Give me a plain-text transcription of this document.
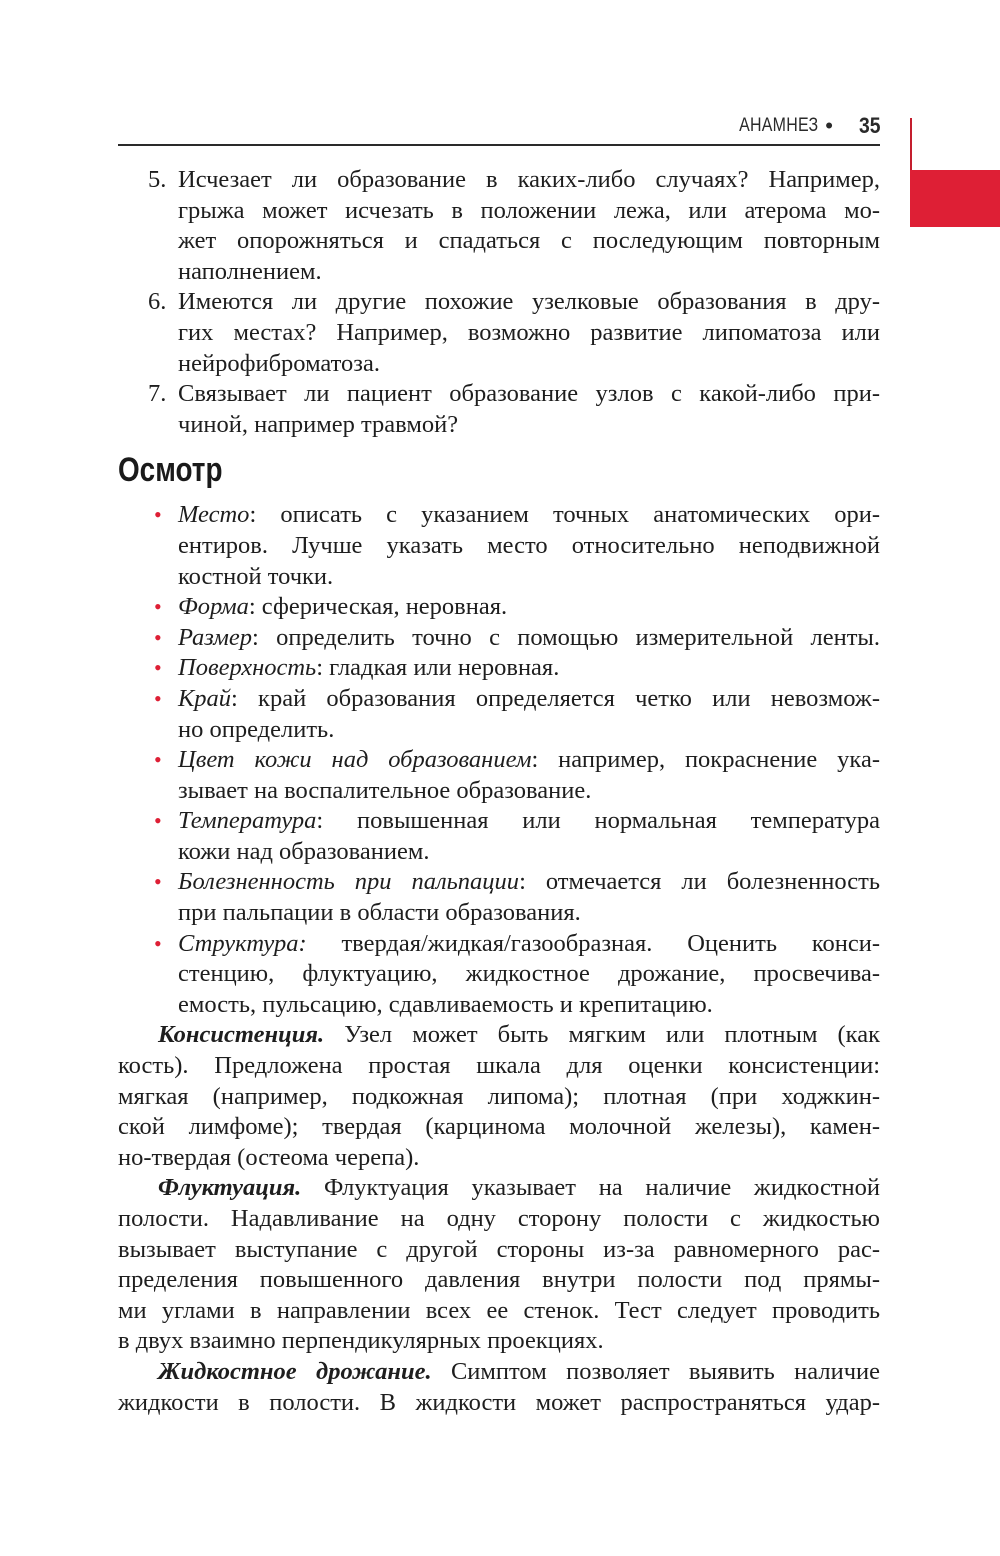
АНАМНЕЗ • 35
5. Исчезает ли образование в каких-либо случаях? Например,
грыжа может исчезать в положении лежа, или атерома мо-
жет опорожняться и спадаться с последующим повторным
наполнением.
6. Имеются ли другие похожие узелковые образования в дру-
гих местах? Например, возможно развитие липоматоза или
нейрофиброматоза.
7. Связывает ли пациент образование узлов с какой-либо при-
чиной, например травмой?
Осмотр
• Место: описать с указанием точных анатомических ори-
ентиров. Лучше указать место относительно неподвижной
костной точки.
• Форма: сферическая, неровная.
• Размер: определить точно с помощью измерительной ленты.
• Поверхность: гладкая или неровная.
• Край: край образования определяется четко или невозмож-
но определить.
• Цвет кожи над образованием: например, покраснение ука-
зывает на воспалительное образование.
• Температура: повышенная или нормальная температура
кожи над образованием.
• Болезненность при пальпации: отмечается ли болезненность
при пальпации в области образования.
• Структура: твердая/жидкая/газообразная. Оценить конси-
стенцию, флуктуацию, жидкостное дрожание, просвечива-
емость, пульсацию, сдавливаемость и крепитацию.
Консистенция. Узел может быть мягким или плотным (как
кость). Предложена простая шкала для оценки консистенции:
мягкая (например, подкожная липома); плотная (при ходжкин-
ской лимфоме); твердая (карцинома молочной железы), камен-
но-твердая (остеома черепа).
Флуктуация. Флуктуация указывает на наличие жидкостной
полости. Надавливание на одну сторону полости с жидкостью
вызывает выступание с другой стороны из-за равномерного рас-
пределения повышенного давления внутри полости под прямы-
ми углами в направлении всех ее стенок. Тест следует проводить
в двух взаимно перпендикулярных проекциях.
Жидкостное дрожание. Симптом позволяет выявить наличие
жидкости в полости. В жидкости может распространяться удар-
